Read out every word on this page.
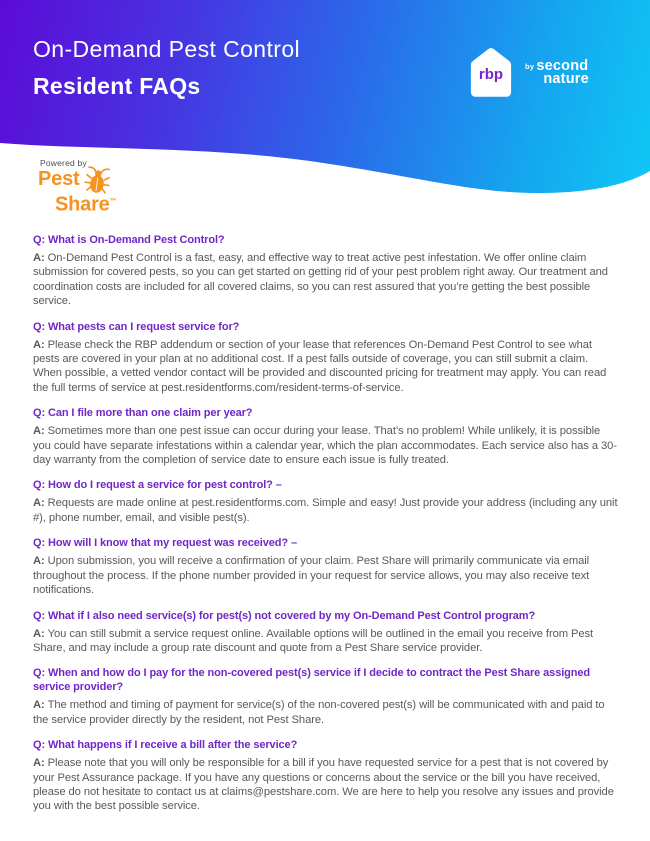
On-Demand Pest Control
Resident FAQs	rbp	by second
nature
Powered by
Pest
Share™
Q: What is On-Demand Pest Control?

A: On-Demand Pest Control is a fast, easy, and effective way to treat active pest infestation. We offer online claim submission for covered pests, so you can get started on getting rid of your pest problem right away. Our treatment and coordination costs are included for all covered claims, so you can rest assured that you’re getting the best possible service.

Q: What pests can I request service for?

A: Please check the RBP addendum or section of your lease that references On-Demand Pest Control to see what pests are covered in your plan at no additional cost. If a pest falls outside of coverage, you can still submit a claim. When possible, a vetted vendor contact will be provided and discounted pricing for treatment may apply. You can read the full terms of service at pest.residentforms.com/resident-terms-of-service.

Q: Can I file more than one claim per year?

A: Sometimes more than one pest issue can occur during your lease. That’s no problem! While unlikely, it is possible you could have separate infestations within a calendar year, which the plan accommodates. Each service also has a 30-day warranty from the completion of service date to ensure each issue is fully treated.

Q: How do I request a service for pest control? –

A: Requests are made online at pest.residentforms.com. Simple and easy! Just provide your address (including any unit #), phone number, email, and visible pest(s).

Q: How will I know that my request was received? –

A: Upon submission, you will receive a confirmation of your claim. Pest Share will primarily communicate via email throughout the process. If the phone number provided in your request for service allows, you may also receive text notifications.

Q: What if I also need service(s) for pest(s) not covered by my On-Demand Pest Control program?

A: You can still submit a service request online. Available options will be outlined in the email you receive from Pest Share, and may include a group rate discount and quote from a Pest Share service provider.

Q: When and how do I pay for the non-covered pest(s) service if I decide to contract the Pest Share assigned service provider?

A: The method and timing of payment for service(s) of the non-covered pest(s) will be communicated with and paid to the service provider directly by the resident, not Pest Share.

Q: What happens if I receive a bill after the service?

A: Please note that you will only be responsible for a bill if you have requested service for a pest that is not covered by your Pest Assurance package. If you have any questions or concerns about the service or the bill you have received, please do not hesitate to contact us at claims@pestshare.com. We are here to help you resolve any issues and provide you with the best possible service.
